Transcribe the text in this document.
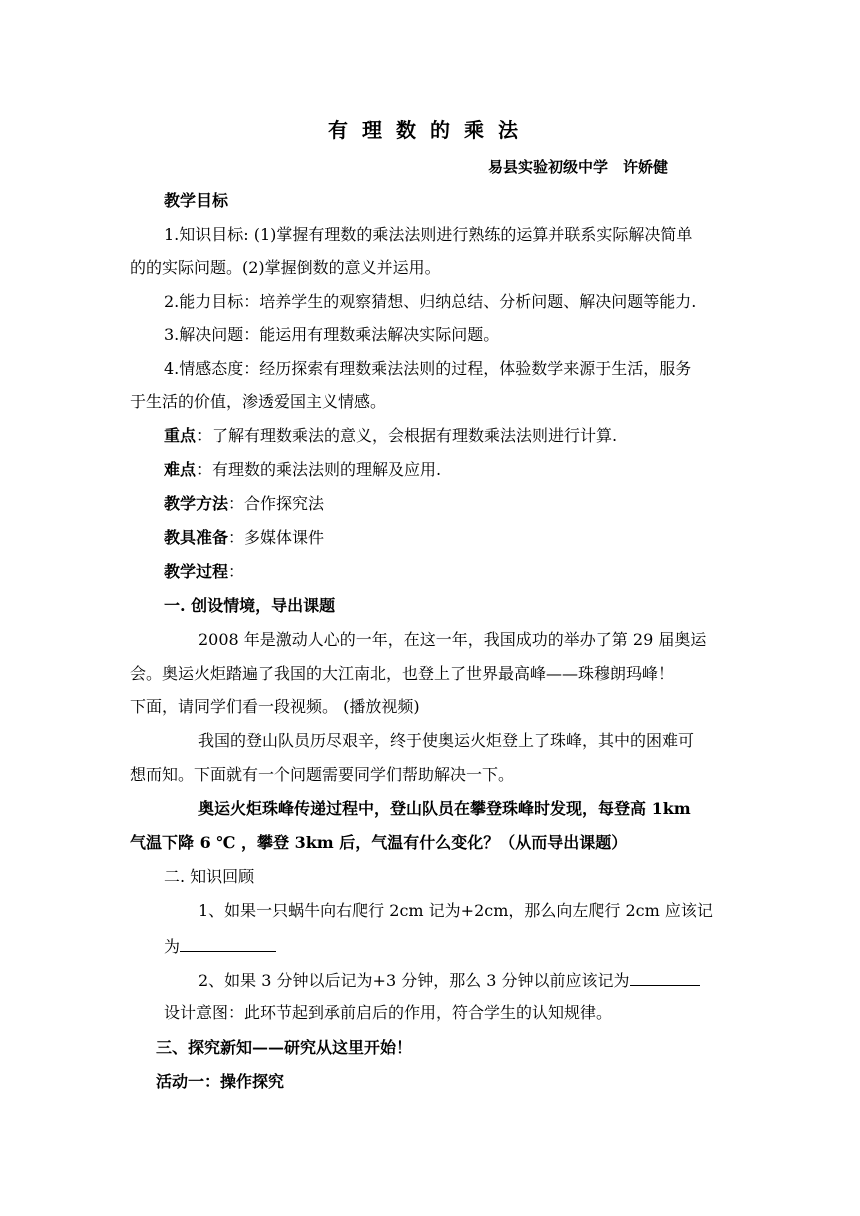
有理数的乘法
易县实验初级中学　许娇健
教学目标
1.知识目标: (1)掌握有理数的乘法法则进行熟练的运算并联系实际解决简单
的的实际问题。(2)掌握倒数的意义并运用。
2.能力目标：培养学生的观察猜想、归纳总结、分析问题、解决问题等能力.
3.解决问题：能运用有理数乘法解决实际问题。
4.情感态度：经历探索有理数乘法法则的过程，体验数学来源于生活，服务
于生活的价值，渗透爱国主义情感。
重点：了解有理数乘法的意义，会根据有理数乘法法则进行计算.
难点：有理数的乘法法则的理解及应用.
教学方法：合作探究法
教具准备：多媒体课件
教学过程：
一. 创设情境，导出课题
2008 年是激动人心的一年，在这一年，我国成功的举办了第 29 届奥运
会。奥运火炬踏遍了我国的大江南北，也登上了世界最高峰——珠穆朗玛峰！
下面，请同学们看一段视频。 (播放视频)
我国的登山队员历尽艰辛，终于使奥运火炬登上了珠峰，其中的困难可
想而知。下面就有一个问题需要同学们帮助解决一下。
奥运火炬珠峰传递过程中，登山队员在攀登珠峰时发现，每登高 1km
气温下降 6 ℃ ，攀登 3km 后，气温有什么变化？（从而导出课题）
二. 知识回顾
1、如果一只蜗牛向右爬行 2cm 记为+2cm，那么向左爬行 2cm 应该记
为
2、如果 3 分钟以后记为+3 分钟，那么 3 分钟以前应该记为
设计意图：此环节起到承前启后的作用，符合学生的认知规律。
三、探究新知——研究从这里开始！
活动一：操作探究
